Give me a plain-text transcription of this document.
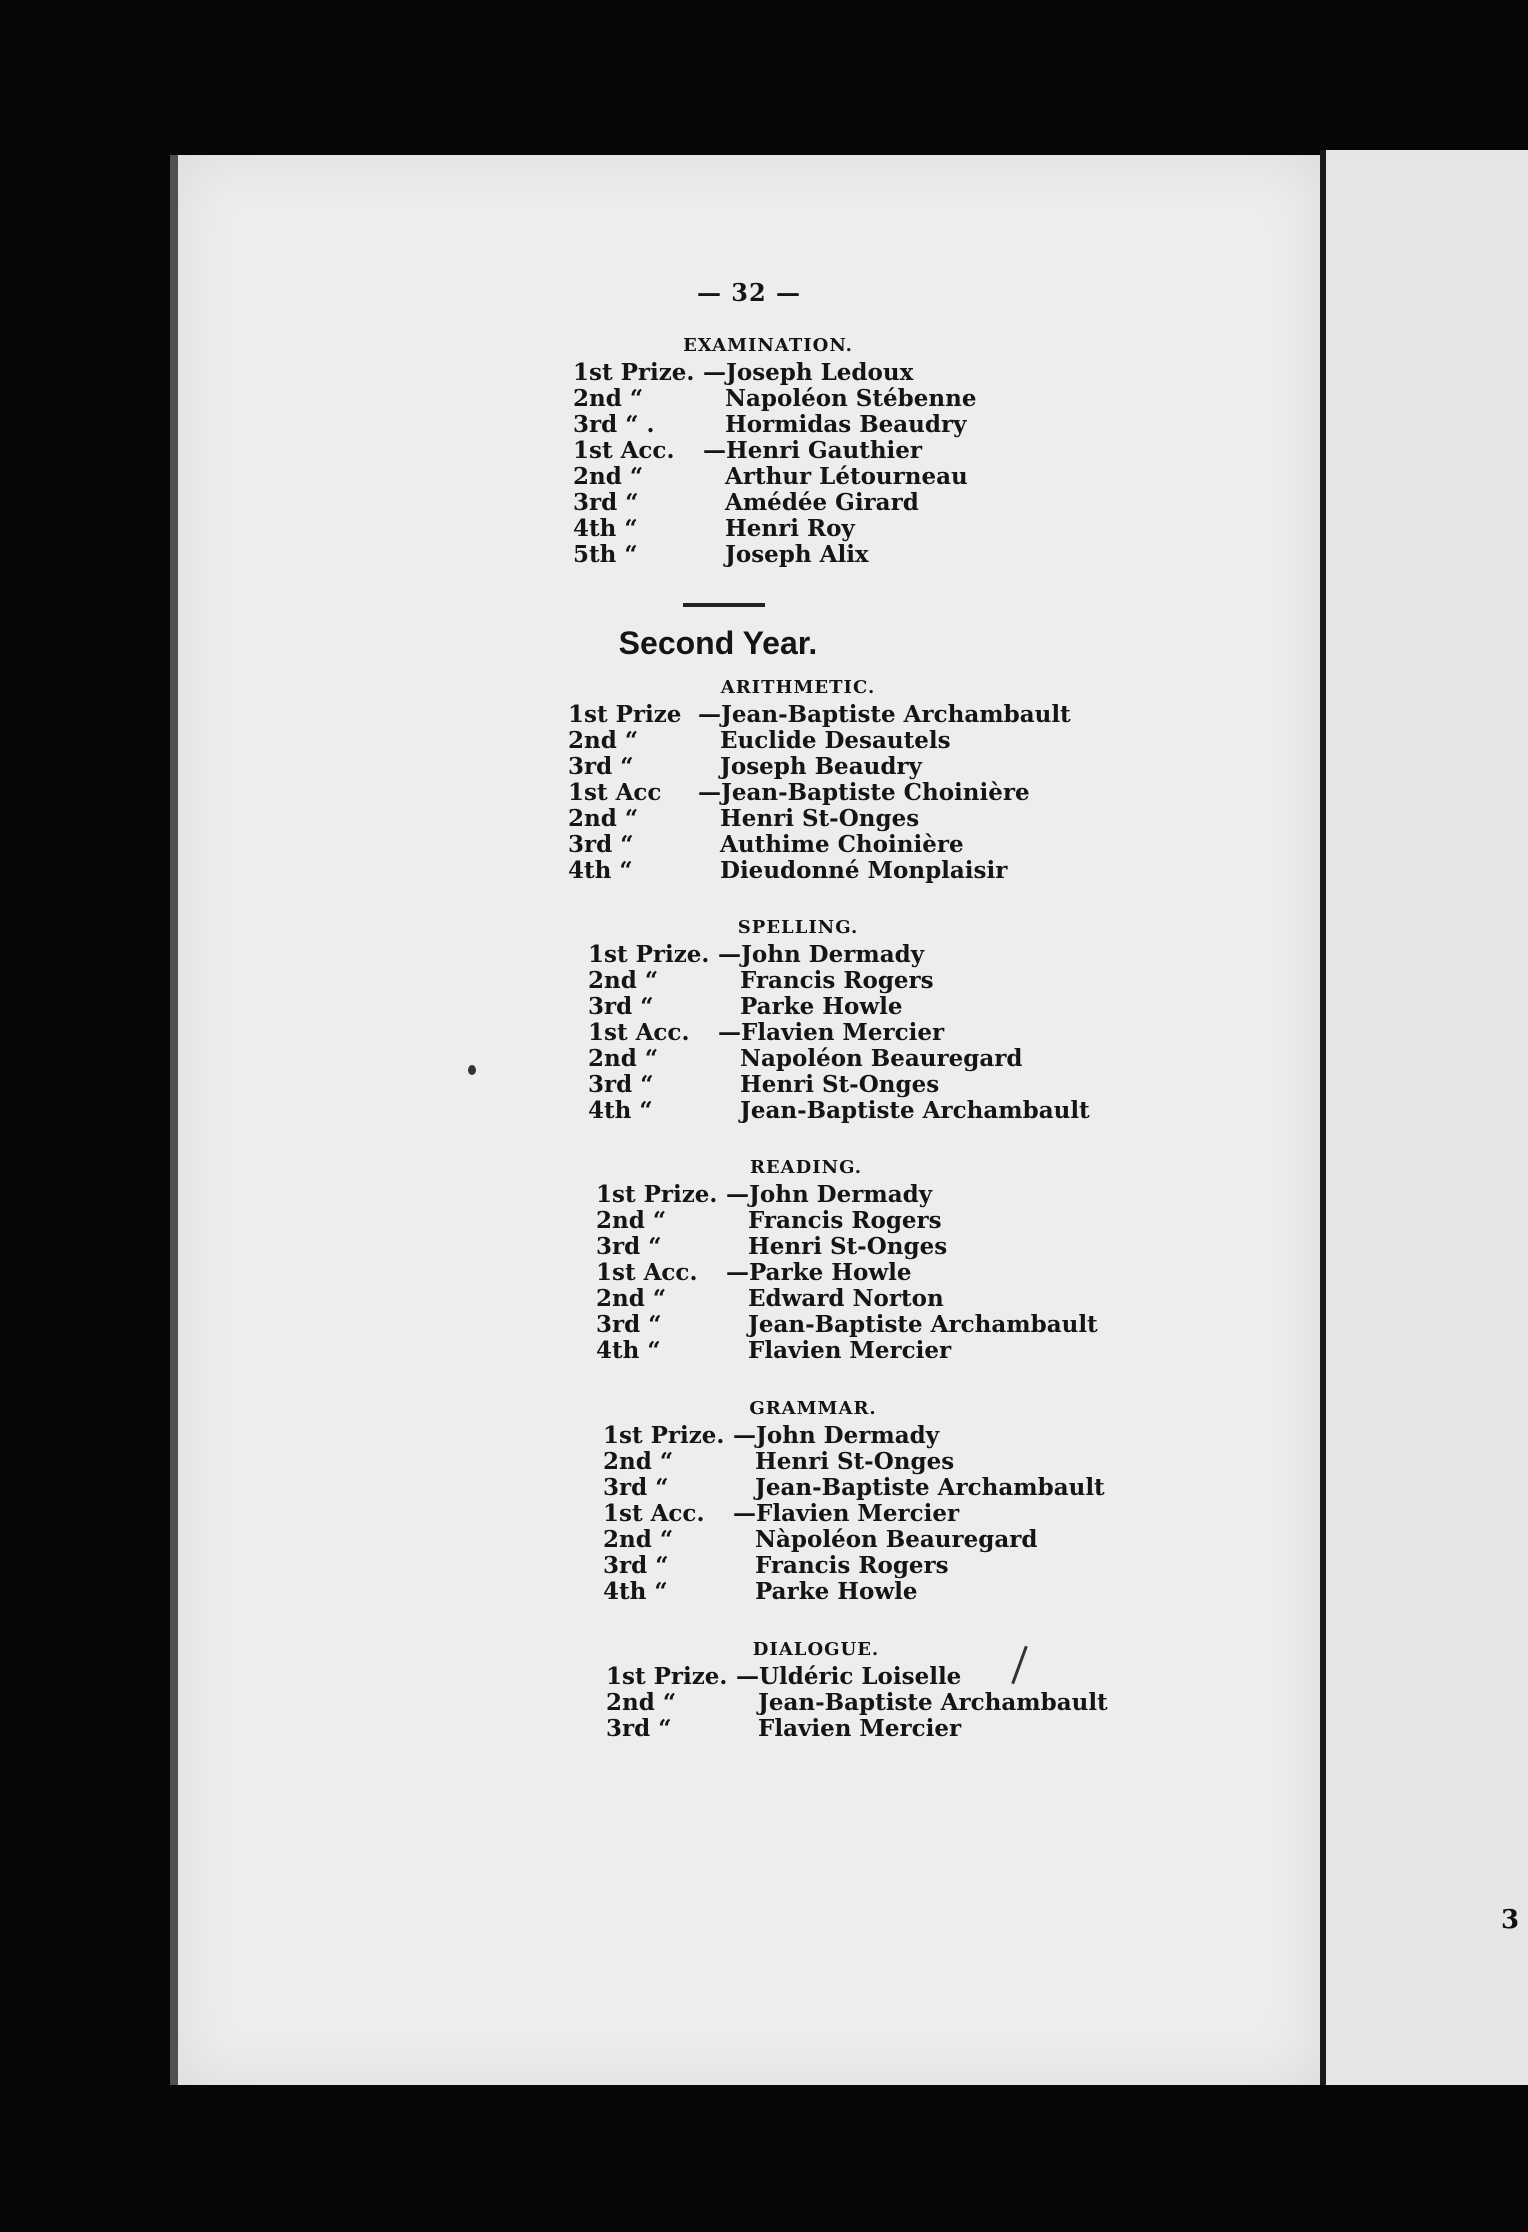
— 32 —
EXAMINATION.
1st Prize. —Joseph Ledoux
2nd “	Napoléon Stébenne
3rd “ .	Hormidas Beaudry
1st Acc.	—Henri Gauthier
2nd “	Arthur Létourneau
3rd “	Amédée Girard
4th “	Henri Roy
5th “	Joseph Alix
Second Year.
ARITHMETIC.
1st Prize —Jean-Baptiste Archambault
2nd “	Euclide Desautels
3rd “	Joseph Beaudry
1st Acc	—Jean-Baptiste Choinière
2nd “	Henri St-Onges
3rd “	Authime Choinière
4th “	Dieudonné Monplaisir
SPELLING.
1st Prize. —John Dermady
2nd “	Francis Rogers
3rd “	Parke Howle
1st Acc.	—Flavien Mercier
2nd “	Napoléon Beauregard
3rd “	Henri St-Onges
4th “	Jean-Baptiste Archambault
READING.
1st Prize. —John Dermady
2nd “	Francis Rogers
3rd “	Henri St-Onges
1st Acc.	—Parke Howle
2nd “	Edward Norton
3rd “	Jean-Baptiste Archambault
4th “	Flavien Mercier
GRAMMAR.
1st Prize. —John Dermady
2nd “	Henri St-Onges
3rd “	Jean-Baptiste Archambault
1st Acc.	—Flavien Mercier
2nd “	Nàpoléon Beauregard
3rd “	Francis Rogers
4th “	Parke Howle
DIALOGUE.
1st Prize. —Uldéric Loiselle
2nd “	Jean-Baptiste Archambault
3rd “	Flavien Mercier
3
